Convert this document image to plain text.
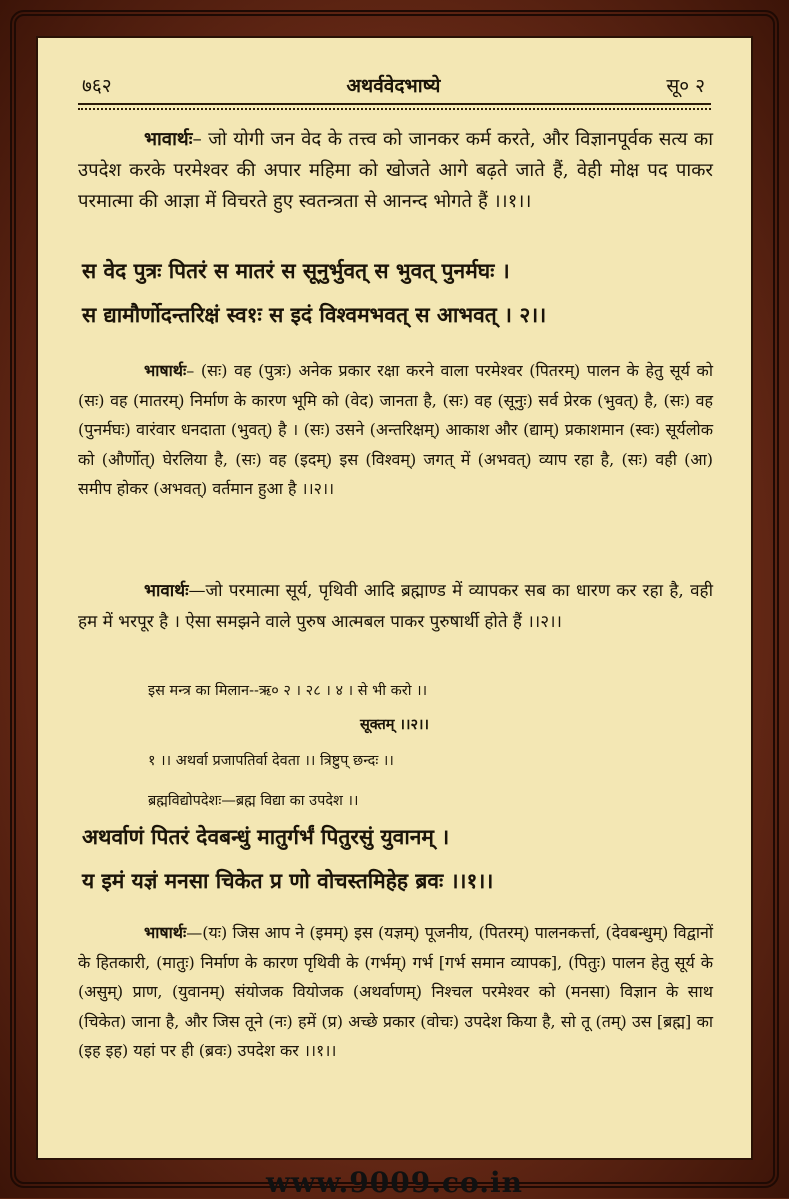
७६२	अथर्ववेदभाष्ये	सू० २
भावार्थः– जो योगी जन वेद के तत्त्व को जानकर कर्म करते, और विज्ञानपूर्वक सत्य का उपदेश करके परमेश्वर की अपार महिमा को खोजते आगे बढ़ते जाते हैं, वेही मोक्ष पद पाकर परमात्मा की आज्ञा में विचरते हुए स्वतन्त्रता से आनन्द भोगते हैं ।।१।।
स वेद पुत्रः पितरं स मातरं स सूनुर्भुवत् स भुवत् पुनर्मघः ।
स द्यामौर्णोदन्तरिक्षं स्व१ः स इदं विश्वमभवत् स आभवत् । २।।
भाषार्थः– (सः) वह (पुत्रः) अनेक प्रकार रक्षा करने वाला परमेश्वर (पितरम्) पालन के हेतु सूर्य को (सः) वह (मातरम्) निर्माण के कारण भूमि को (वेद) जानता है, (सः) वह (सूनुः) सर्व प्रेरक (भुवत्) है, (सः) वह (पुनर्मघः) वारंवार धनदाता (भुवत्) है । (सः) उसने (अन्तरिक्षम्) आकाश और (द्याम्) प्रकाशमान (स्वः) सूर्यलोक को (और्णोत्) घेरलिया है, (सः) वह (इदम्) इस (विश्वम्) जगत् में (अभवत्) व्याप रहा है, (सः) वही (आ) समीप होकर (अभवत्) वर्तमान हुआ है ।।२।।
भावार्थः—जो परमात्मा सूर्य, पृथिवी आदि ब्रह्माण्ड में व्यापकर सब का धारण कर रहा है, वही हम में भरपूर है । ऐसा समझने वाले पुरुष आत्मबल पाकर पुरुषार्थी होते हैं ।।२।।
इस मन्त्र का मिलान--ऋ० २ । २८ । ४ । से भी करो ।।
सूक्तम् ।।२।।
१ ।। अथर्वा प्रजापतिर्वा देवता ।। त्रिष्टुप् छन्दः ।।
ब्रह्मविद्योपदेशः—ब्रह्म विद्या का उपदेश ।।
अथर्वाणं पितरं देवबन्धुं मातुर्गर्भं पितुरसुं युवानम् ।
य इमं यज्ञं मनसा चिकेत प्र णो वोचस्तमिहेह ब्रवः ।।१।।
भाषार्थः—(यः) जिस आप ने (इमम्) इस (यज्ञम्) पूजनीय, (पितरम्) पालनकर्त्ता, (देवबन्धुम्) विद्वानों के हितकारी, (मातुः) निर्माण के कारण पृथिवी के (गर्भम्) गर्भ [गर्भ समान व्यापक], (पितुः) पालन हेतु सूर्य के (असुम्) प्राण, (युवानम्) संयोजक वियोजक (अथर्वाणम्) निश्चल परमेश्वर को (मनसा) विज्ञान के साथ (चिकेत) जाना है, और जिस तूने (नः) हमें (प्र) अच्छे प्रकार (वोचः) उपदेश किया है, सो तू (तम्) उस [ब्रह्म] का (इह इह) यहां पर ही (ब्रवः) उपदेश कर ।।१।।
www.9009.co.in
